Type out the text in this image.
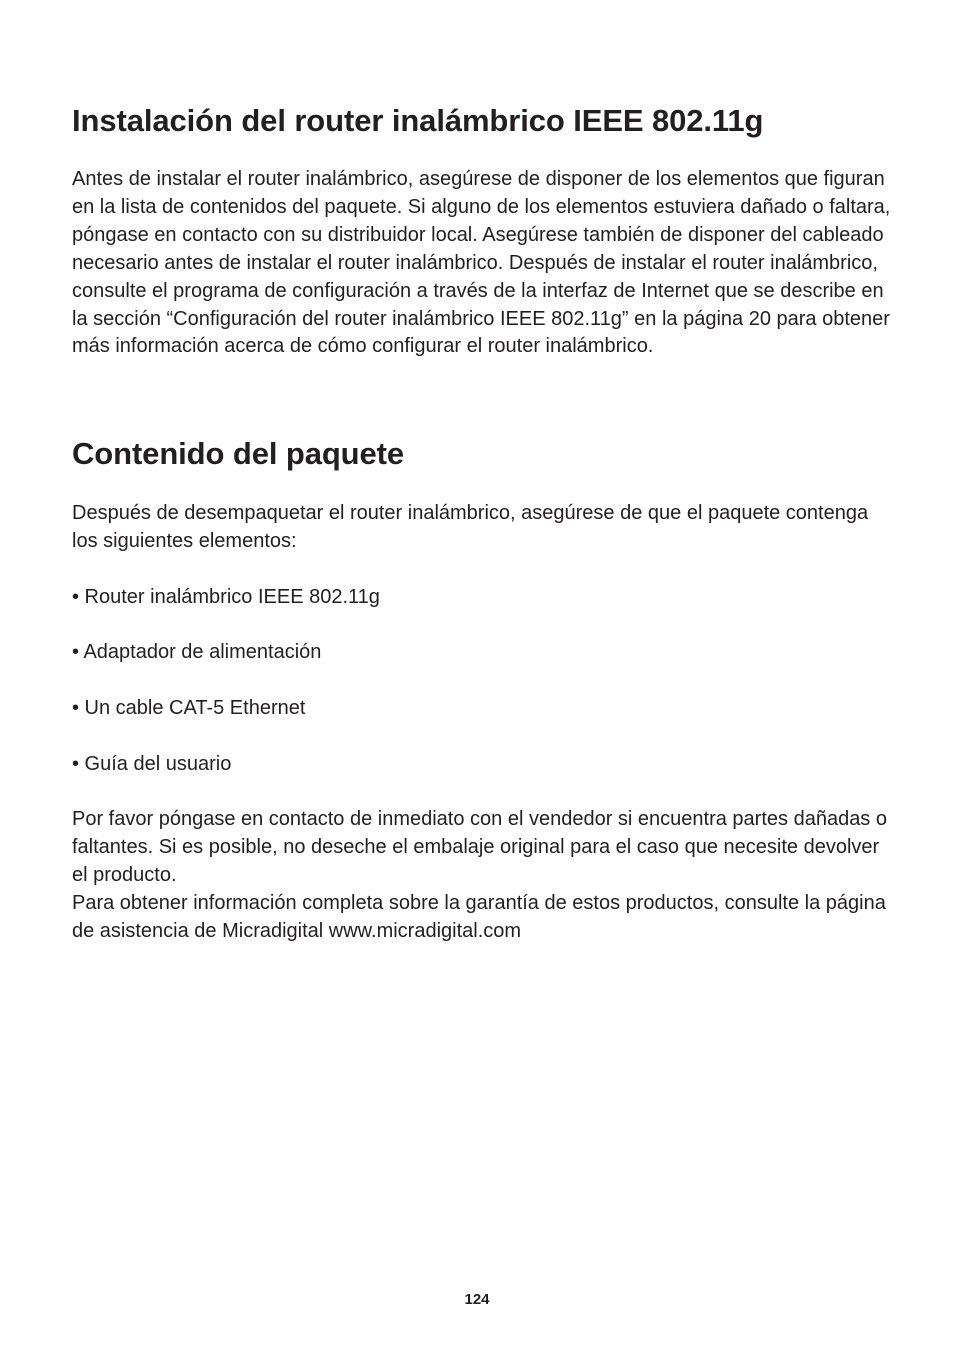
Instalación del router inalámbrico IEEE 802.11g

Antes de instalar el router inalámbrico, asegúrese de disponer de los elementos que figuran en la lista de contenidos del paquete. Si alguno de los elementos estuviera dañado o faltara, póngase en contacto con su distribuidor local. Asegúrese también de disponer del cableado necesario antes de instalar el router inalámbrico. Después de instalar el router inalámbrico, consulte el programa de configuración a través de la interfaz de Internet que se describe en la sección “Configuración del router inalámbrico IEEE 802.11g” en la página 20 para obtener más información acerca de cómo configurar el router inalámbrico.

Contenido del paquete

Después de desempaquetar el router inalámbrico, asegúrese de que el paquete contenga los siguientes elementos:

• Router inalámbrico IEEE 802.11g

• Adaptador de alimentación

• Un cable CAT-5 Ethernet

• Guía del usuario

Por favor póngase en contacto de inmediato con el vendedor si encuentra partes dañadas o faltantes. Si es posible, no deseche el embalaje original para el caso que necesite devolver el producto.
Para obtener información completa sobre la garantía de estos productos, consulte la página de asistencia de Micradigital www.micradigital.com
124
